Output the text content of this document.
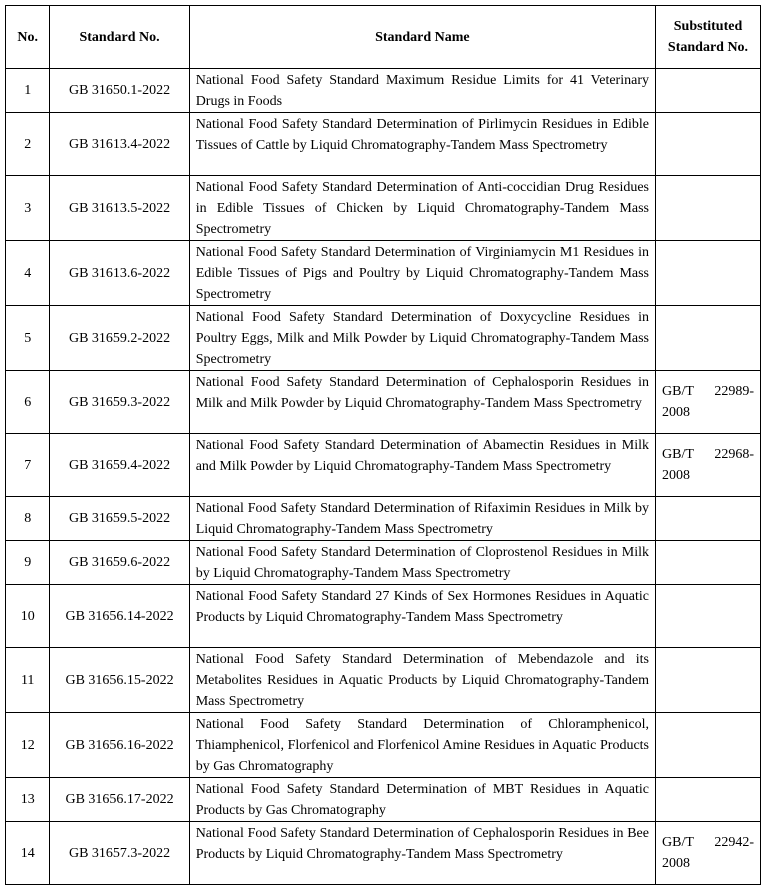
No.	Standard No.	Standard Name	Substituted Standard No.
1	GB 31650.1-2022	National Food Safety Standard Maximum Residue Limits for 41 Veterinary Drugs in Foods	
2	GB 31613.4-2022	National Food Safety Standard Determination of Pirlimycin Residues in Edible Tissues of Cattle by Liquid Chromatography-Tandem Mass Spectrometry	
3	GB 31613.5-2022	National Food Safety Standard Determination of Anti-coccidian Drug Residues in Edible Tissues of Chicken by Liquid Chromatography-Tandem Mass Spectrometry	
4	GB 31613.6-2022	National Food Safety Standard Determination of Virginiamycin M1 Residues in Edible Tissues of Pigs and Poultry by Liquid Chromatography-Tandem Mass Spectrometry	
5	GB 31659.2-2022	National Food Safety Standard Determination of Doxycycline Residues in Poultry Eggs, Milk and Milk Powder by Liquid Chromatography-Tandem Mass Spectrometry	
6	GB 31659.3-2022	National Food Safety Standard Determination of Cephalosporin Residues in Milk and Milk Powder by Liquid Chromatography-Tandem Mass Spectrometry	GB/T 22989-2008
7	GB 31659.4-2022	National Food Safety Standard Determination of Abamectin Residues in Milk and Milk Powder by Liquid Chromatography-Tandem Mass Spectrometry	GB/T 22968-2008
8	GB 31659.5-2022	National Food Safety Standard Determination of Rifaximin Residues in Milk by Liquid Chromatography-Tandem Mass Spectrometry	
9	GB 31659.6-2022	National Food Safety Standard Determination of Cloprostenol Residues in Milk by Liquid Chromatography-Tandem Mass Spectrometry	
10	GB 31656.14-2022	National Food Safety Standard 27 Kinds of Sex Hormones Residues in Aquatic Products by Liquid Chromatography-Tandem Mass Spectrometry	
11	GB 31656.15-2022	National Food Safety Standard Determination of Mebendazole and its Metabolites Residues in Aquatic Products by Liquid Chromatography-Tandem Mass Spectrometry	
12	GB 31656.16-2022	National Food Safety Standard Determination of Chloramphenicol, Thiamphenicol, Florfenicol and Florfenicol Amine Residues in Aquatic Products by Gas Chromatography	
13	GB 31656.17-2022	National Food Safety Standard Determination of MBT Residues in Aquatic Products by Gas Chromatography	
14	GB 31657.3-2022	National Food Safety Standard Determination of Cephalosporin Residues in Bee Products by Liquid Chromatography-Tandem Mass Spectrometry	GB/T 22942-2008
